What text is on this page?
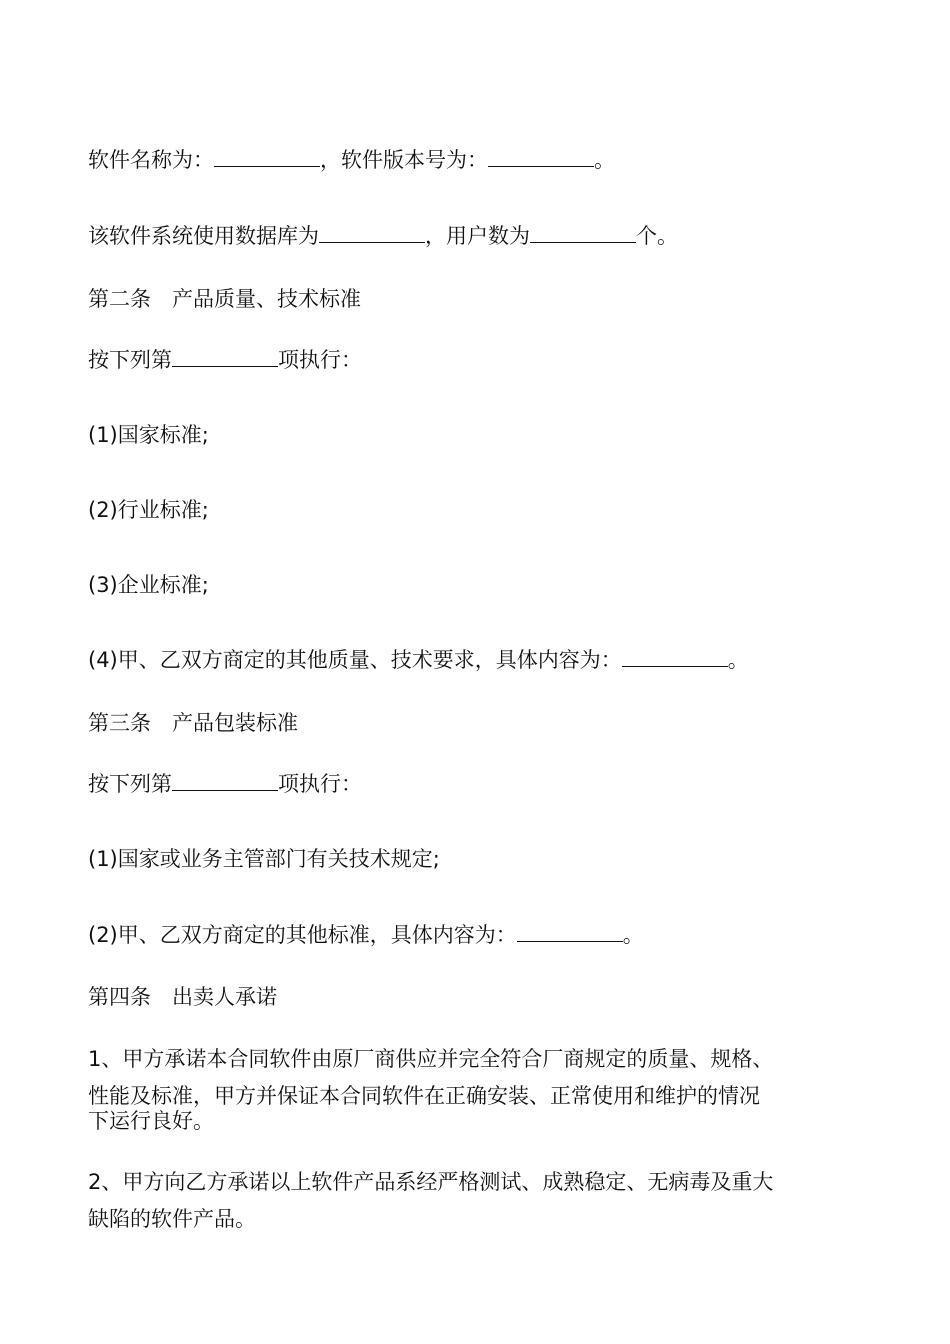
软件名称为：	，软件版本号为：	。
该软件系统使用数据库为	，用户数为	个。
第二条　产品质量、技术标准
按下列第	项执行：
(1)国家标准;
(2)行业标准;
(3)企业标准;
(4)甲、乙双方商定的其他质量、技术要求，具体内容为：	。
第三条　产品包装标准
按下列第	项执行：
(1)国家或业务主管部门有关技术规定;
(2)甲、乙双方商定的其他标准，具体内容为：	。
第四条　出卖人承诺
1、甲方承诺本合同软件由原厂商供应并完全符合厂商规定的质量、规格、
性能及标准，甲方并保证本合同软件在正确安装、正常使用和维护的情况
下运行良好。
2、甲方向乙方承诺以上软件产品系经严格测试、成熟稳定、无病毒及重大
缺陷的软件产品。
